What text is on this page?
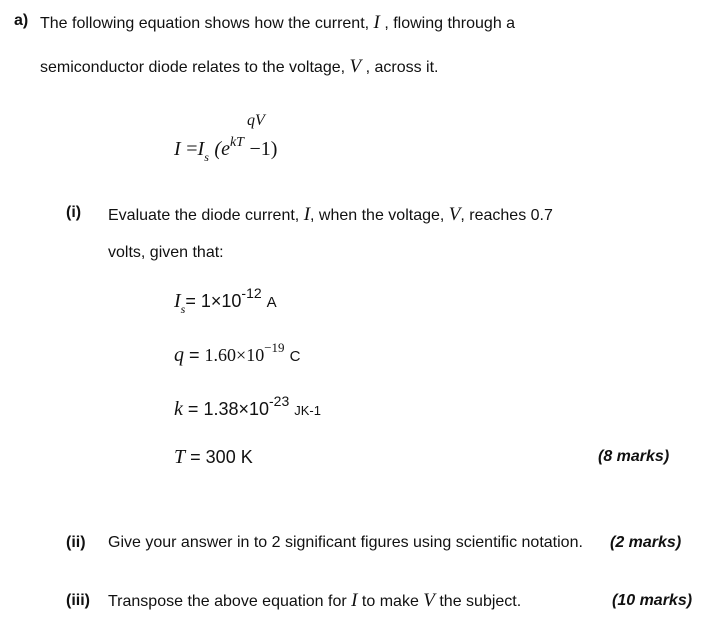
a) The following equation shows how the current, I , flowing through a
semiconductor diode relates to the voltage, V , across it.
qV
$I =I_s$ $(e^{kT} -1)$
(i) Evaluate the diode current, I, when the voltage, V, reaches 0.7
volts, given that:
$I_s= 1\times 10^{-12}$ A
$q = 1.60\times 10^{-19}$ C
$k = 1.38\times 10^{-23}$ JK-1
T = 300 K	(8 marks)
(ii) Give your answer in to 2 significant figures using scientific notation. (2 marks)
(iii) Transpose the above equation for I to make V the subject.	(10 marks)
